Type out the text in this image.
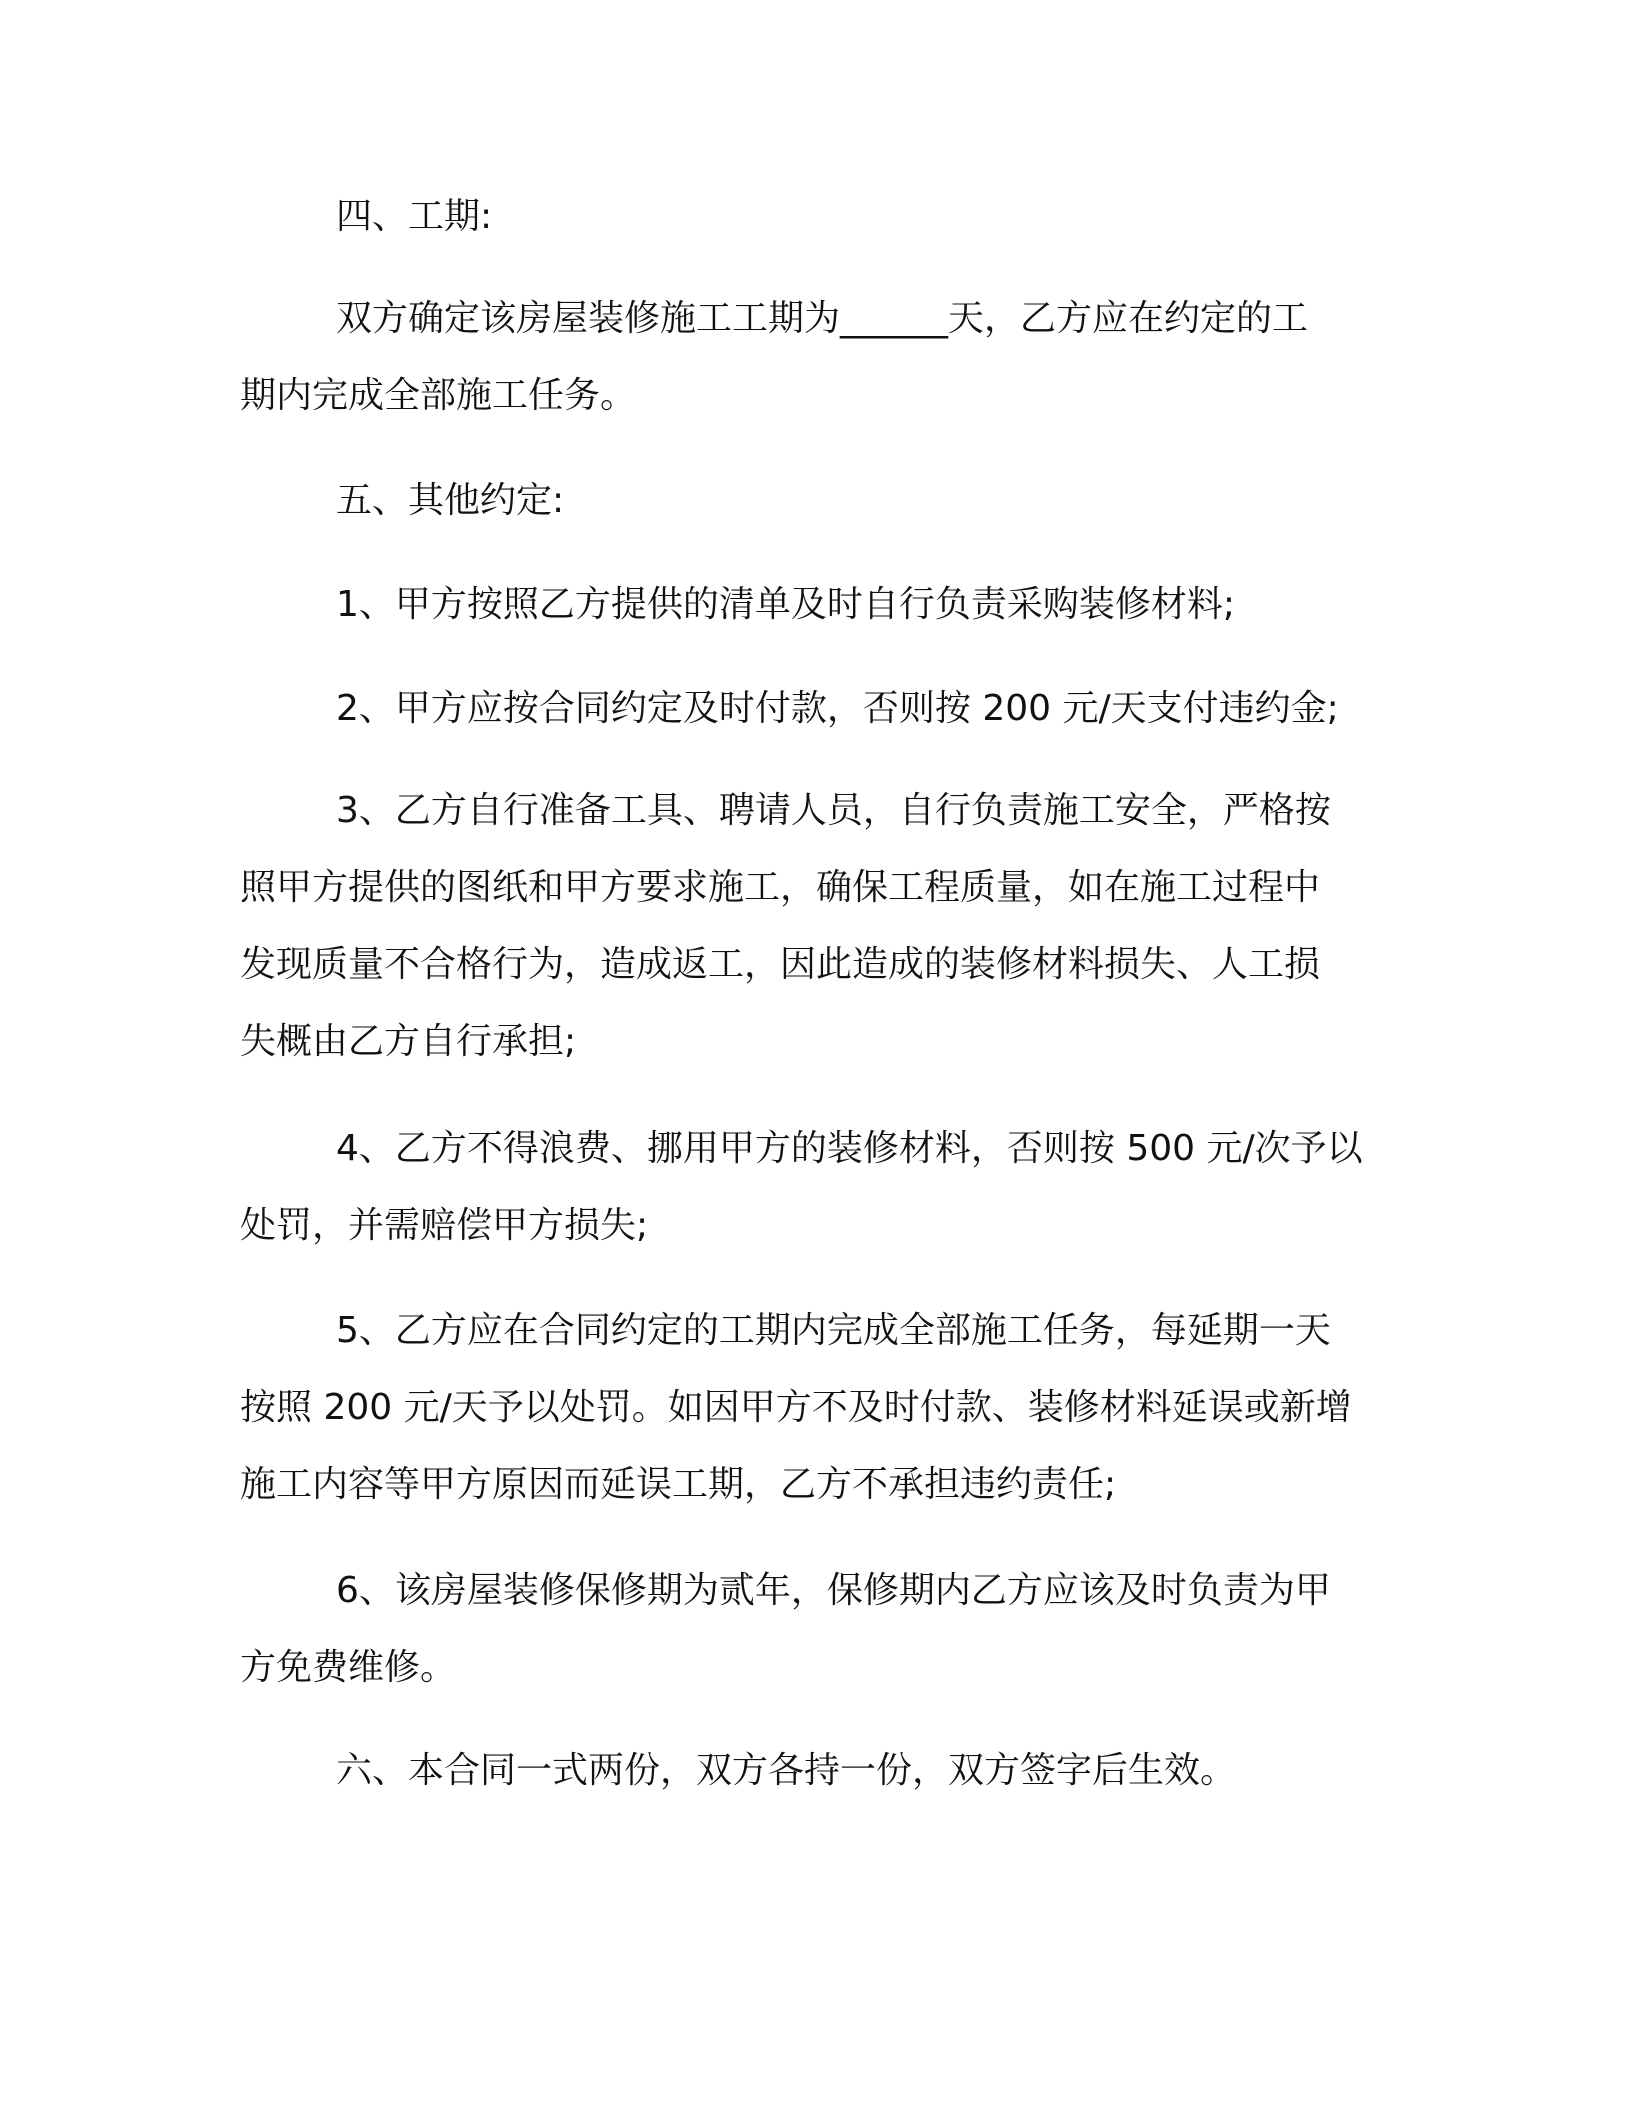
四、工期:

双方确定该房屋装修施工工期为______天，乙方应在约定的工
期内完成全部施工任务。

五、其他约定:

1、甲方按照乙方提供的清单及时自行负责采购装修材料;
2、甲方应按合同约定及时付款，否则按 200 元/天支付违约金;
3、乙方自行准备工具、聘请人员，自行负责施工安全，严格按
照甲方提供的图纸和甲方要求施工，确保工程质量，如在施工过程中
发现质量不合格行为，造成返工，因此造成的装修材料损失、人工损
失概由乙方自行承担;
4、乙方不得浪费、挪用甲方的装修材料，否则按 500 元/次予以
处罚，并需赔偿甲方损失;
5、乙方应在合同约定的工期内完成全部施工任务，每延期一天
按照 200 元/天予以处罚。如因甲方不及时付款、装修材料延误或新增
施工内容等甲方原因而延误工期，乙方不承担违约责任;
6、该房屋装修保修期为贰年，保修期内乙方应该及时负责为甲
方免费维修。

六、本合同一式两份，双方各持一份，双方签字后生效。
